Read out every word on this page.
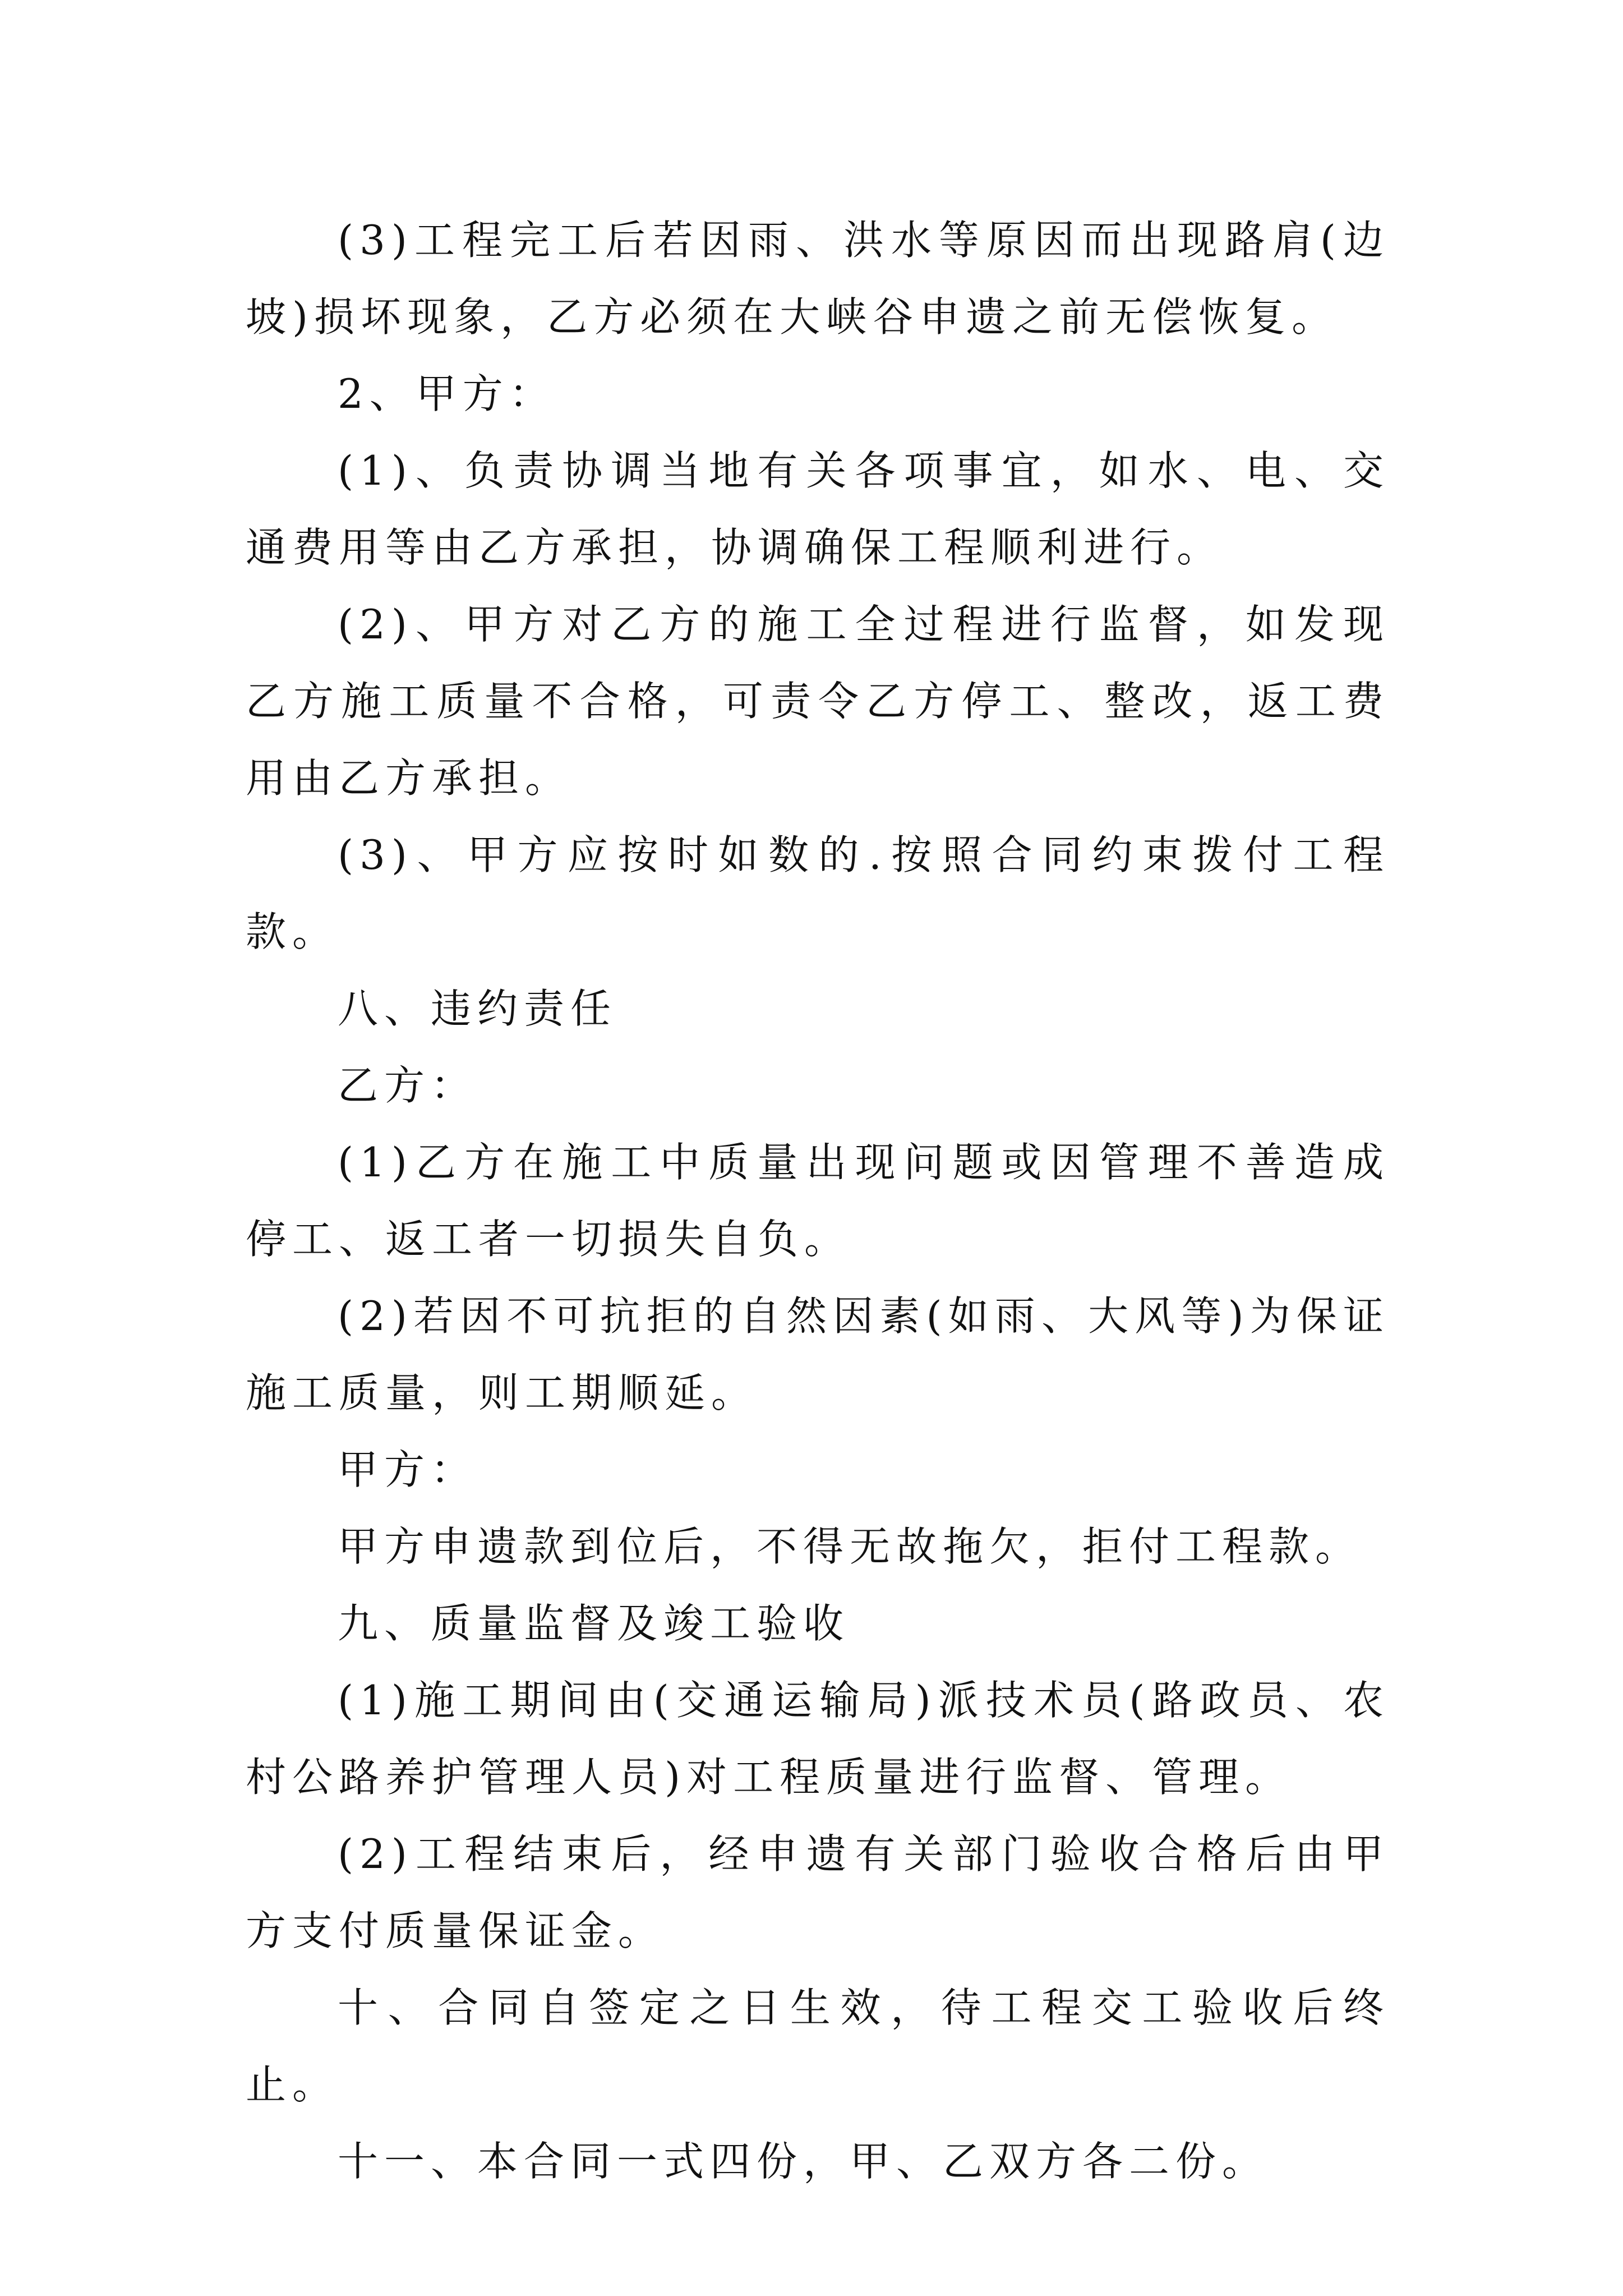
(3)工程完工后若因雨、洪水等原因而出现路肩(边坡)损坏现象，乙方必须在大峡谷申遗之前无偿恢复。

2、甲方：

(1)、负责协调当地有关各项事宜，如水、电、交通费用等由乙方承担，协调确保工程顺利进行。

(2)、甲方对乙方的施工全过程进行监督，如发现乙方施工质量不合格，可责令乙方停工、整改，返工费用由乙方承担。

(3)、甲方应按时如数的.按照合同约束拨付工程款。

八、违约责任

乙方：

(1)乙方在施工中质量出现问题或因管理不善造成停工、返工者一切损失自负。

(2)若因不可抗拒的自然因素(如雨、大风等)为保证施工质量，则工期顺延。

甲方：

甲方申遗款到位后，不得无故拖欠，拒付工程款。

九、质量监督及竣工验收

(1)施工期间由(交通运输局)派技术员(路政员、农村公路养护管理人员)对工程质量进行监督、管理。

(2)工程结束后，经申遗有关部门验收合格后由甲方支付质量保证金。

十、合同自签定之日生效，待工程交工验收后终止。

十一、本合同一式四份，甲、乙双方各二份。
